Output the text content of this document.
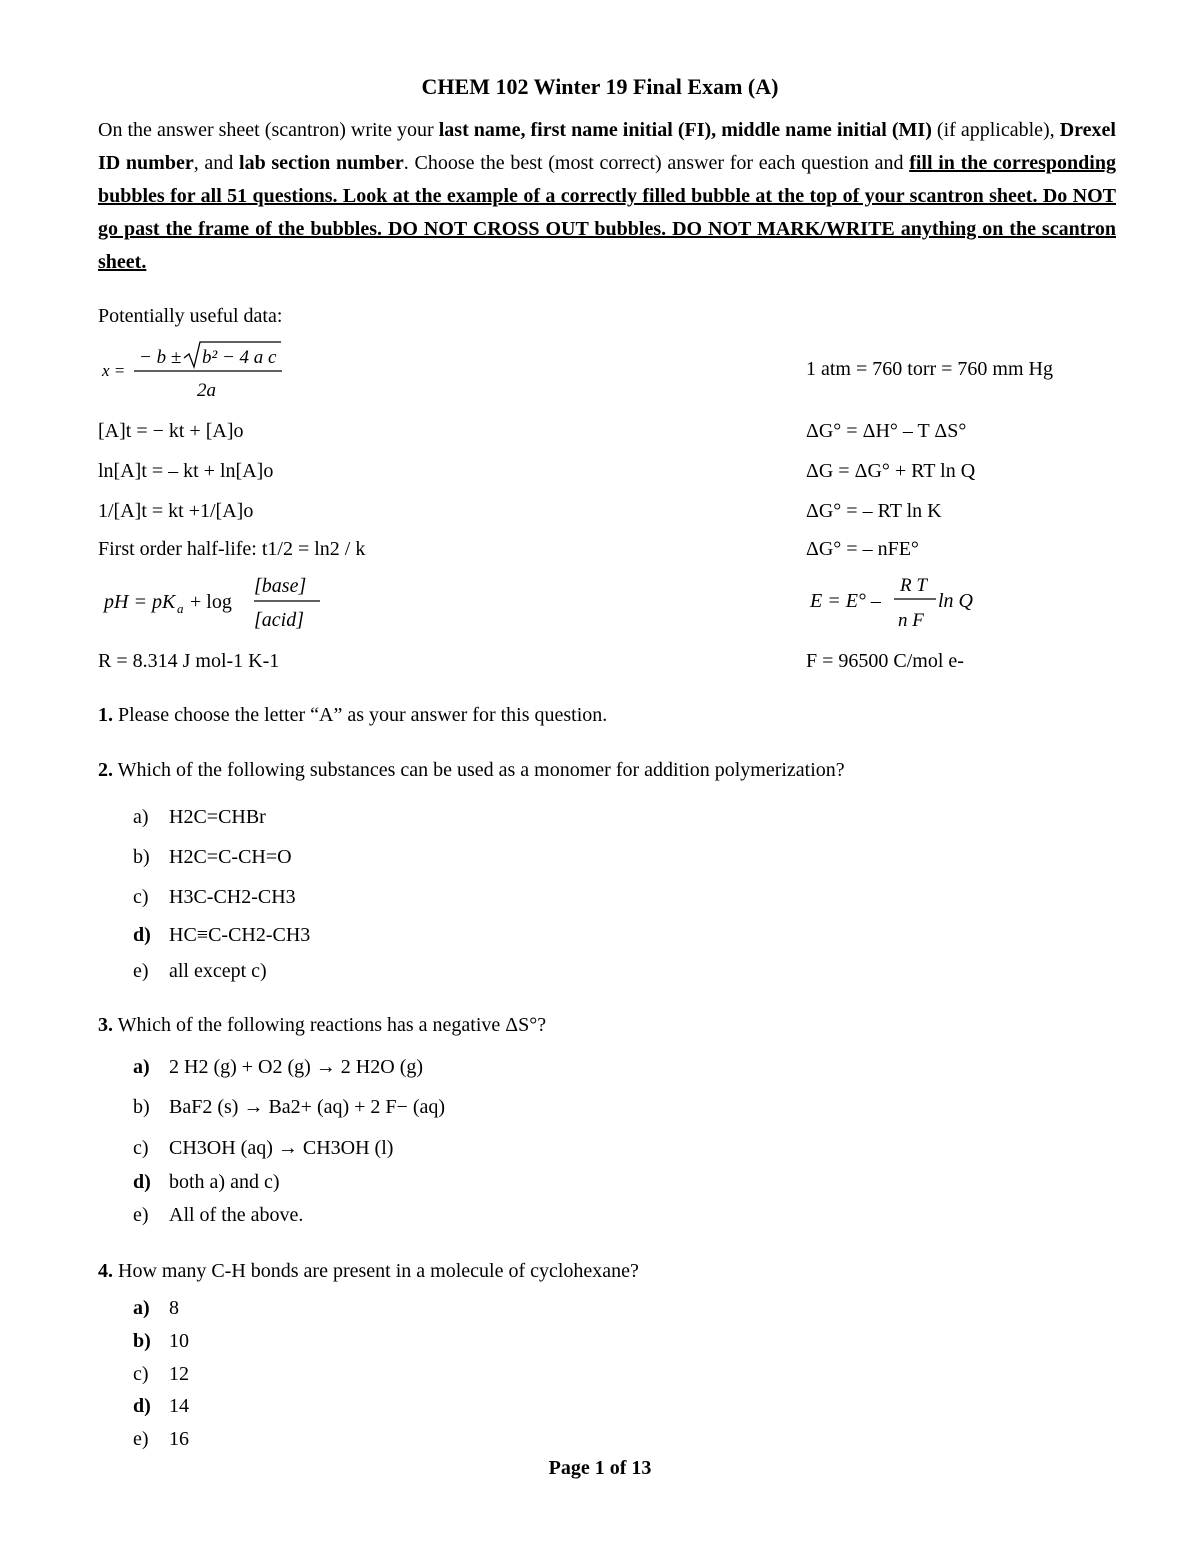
CHEM 102 Winter 19 Final Exam (A)
On the answer sheet (scantron) write your last name, first name initial (FI), middle name initial (MI) (if applicable), Drexel ID number, and lab section number. Choose the best (most correct) answer for each question and fill in the corresponding bubbles for all 51 questions. Look at the example of a correctly filled bubble at the top of your scantron sheet. Do NOT go past the frame of the bubbles. DO NOT CROSS OUT bubbles. DO NOT MARK/WRITE anything on the scantron sheet.
Potentially useful data:
x =
− b ± b² − 4 a c
2a
1 atm = 760 torr = 760 mm Hg
[A]t = − kt + [A]o	ΔG° = ΔH° – T ΔS°
ln[A]t = – kt + ln[A]o	ΔG = ΔG° + RT ln Q
1/[A]t = kt +1/[A]o	ΔG° = – RT ln K
First order half-life: t1/2 = ln2 / k	ΔG° = – nFE°
pH = pK a + log
[base]
[acid]
E = E° –
R T
n F
ln Q
R = 8.314 J mol-1 K-1	F = 96500 C/mol e-
1. Please choose the letter “A” as your answer for this question.
2. Which of the following substances can be used as a monomer for addition polymerization?
a) H2C=CHBr
b) H2C=C-CH=O
c) H3C-CH2-CH3
d) HC≡C-CH2-CH3
e) all except c)
3. Which of the following reactions has a negative ΔS°?
a) 2 H2 (g) + O2 (g) → 2 H2O (g)
b) BaF2 (s) → Ba2+ (aq) + 2 F− (aq)
c) CH3OH (aq) → CH3OH (l)
d) both a) and c)
e) All of the above.
4. How many C-H bonds are present in a molecule of cyclohexane?
a) 8
b) 10
c) 12
d) 14
e) 16
Page 1 of 13
